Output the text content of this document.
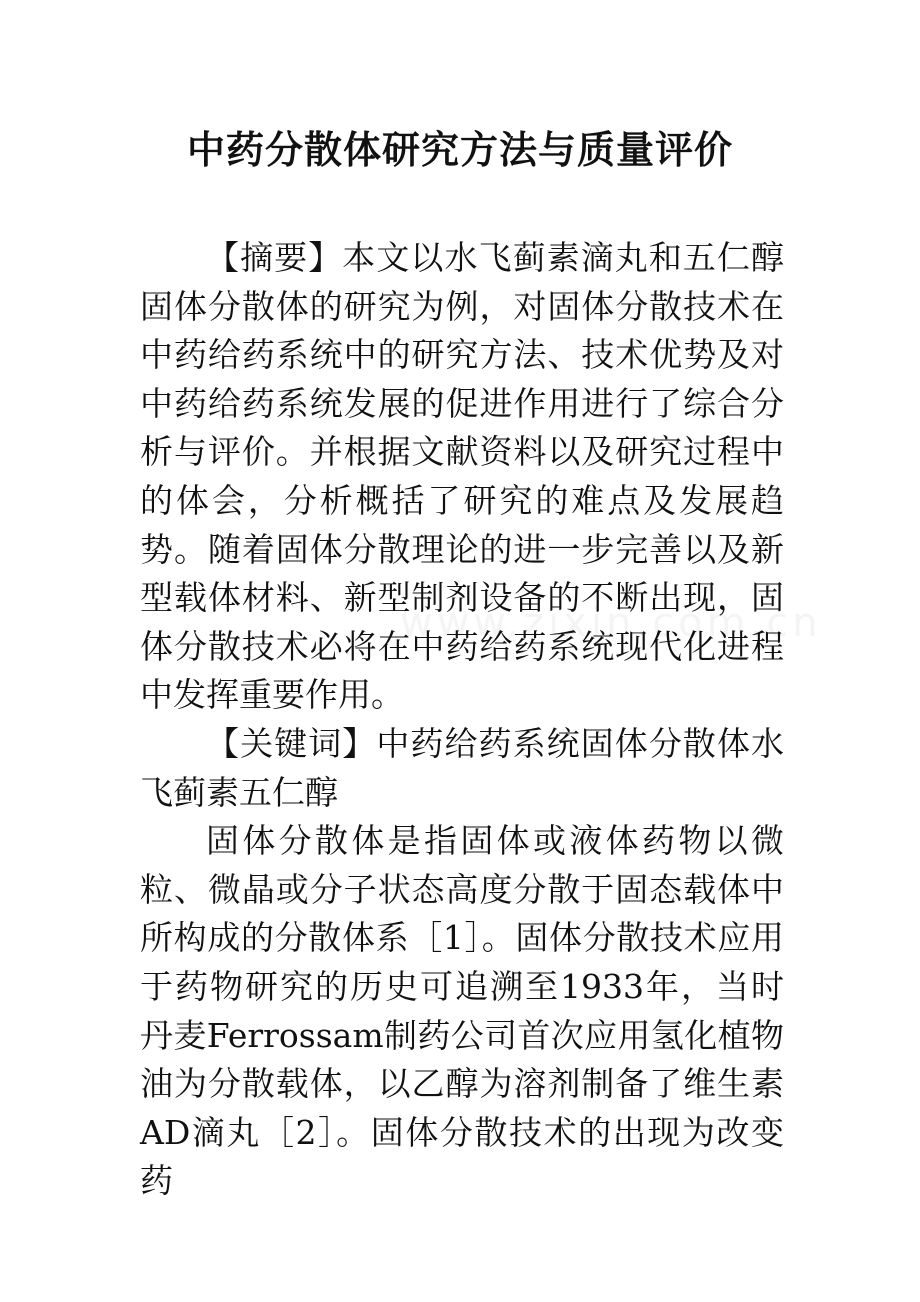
中药分散体研究方法与质量评价

【摘要】本文以水飞蓟素滴丸和五仁醇固体分散体的研究为例，对固体分散技术在中药给药系统中的研究方法、技术优势及对中药给药系统发展的促进作用进行了综合分析与评价。并根据文献资料以及研究过程中的体会，分析概括了研究的难点及发展趋势。随着固体分散理论的进一步完善以及新型载体材料、新型制剂设备的不断出现，固体分散技术必将在中药给药系统现代化进程中发挥重要作用。

【关键词】中药给药系统固体分散体水飞蓟素五仁醇

固体分散体是指固体或液体药物以微粒、微晶或分子状态高度分散于固态载体中所构成的分散体系［1］。固体分散技术应用于药物研究的历史可追溯至1933年，当时丹麦Ferrossam制药公司首次应用氢化植物油为分散载体，以乙醇为溶剂制备了维生素AD滴丸［2］。固体分散技术的出现为改变药
